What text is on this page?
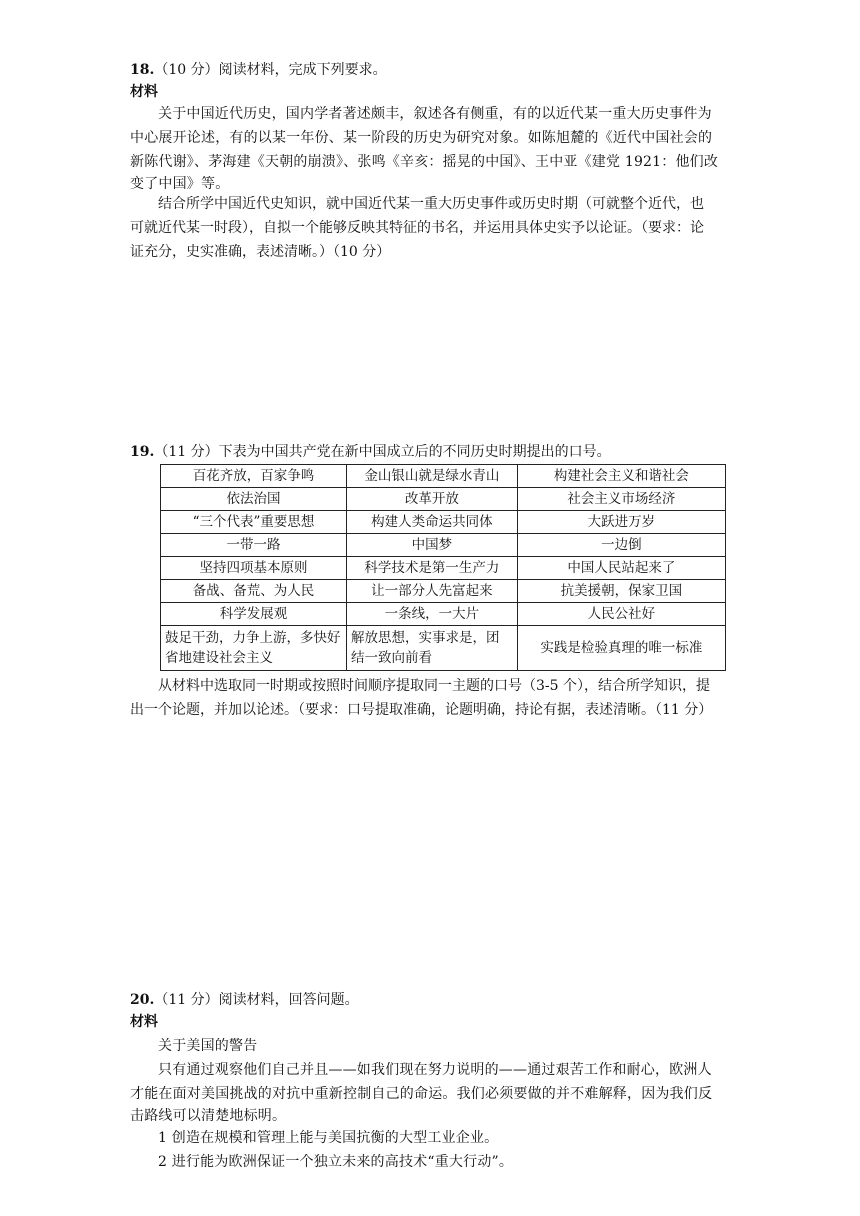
18.（10 分）阅读材料，完成下列要求。
材料
关于中国近代历史，国内学者著述颇丰，叙述各有侧重，有的以近代某一重大历史事件为
中心展开论述，有的以某一年份、某一阶段的历史为研究对象。如陈旭麓的《近代中国社会的
新陈代谢》、茅海建《天朝的崩溃》、张鸣《辛亥：摇晃的中国》、王中亚《建党 1921：他们改
变了中国》等。
结合所学中国近代史知识，就中国近代某一重大历史事件或历史时期（可就整个近代，也
可就近代某一时段），自拟一个能够反映其特征的书名，并运用具体史实予以论证。（要求：论
证充分，史实准确，表述清晰。）（10 分）
19.（11 分）下表为中国共产党在新中国成立后的不同历史时期提出的口号。
百花齐放，百家争鸣	金山银山就是绿水青山	构建社会主义和谐社会
依法治国	改革开放	社会主义市场经济
“三个代表”重要思想	构建人类命运共同体	大跃进万岁
一带一路	中国梦	一边倒
坚持四项基本原则	科学技术是第一生产力	中国人民站起来了
备战、备荒、为人民	让一部分人先富起来	抗美援朝，保家卫国
科学发展观	一条线，一大片	人民公社好
鼓足干劲，力争上游，多快好省地建设社会主义	解放思想，实事求是，团结一致向前看	实践是检验真理的唯一标准
从材料中选取同一时期或按照时间顺序提取同一主题的口号（3-5 个），结合所学知识，提
出一个论题，并加以论述。（要求：口号提取准确，论题明确，持论有据，表述清晰。（11 分）
20.（11 分）阅读材料，回答问题。
材料
关于美国的警告
只有通过观察他们自己并且——如我们现在努力说明的——通过艰苦工作和耐心，欧洲人
才能在面对美国挑战的对抗中重新控制自己的命运。我们必须要做的并不难解释，因为我们反
击路线可以清楚地标明。
1 创造在规模和管理上能与美国抗衡的大型工业企业。
2 进行能为欧洲保证一个独立未来的高技术“重大行动”。
